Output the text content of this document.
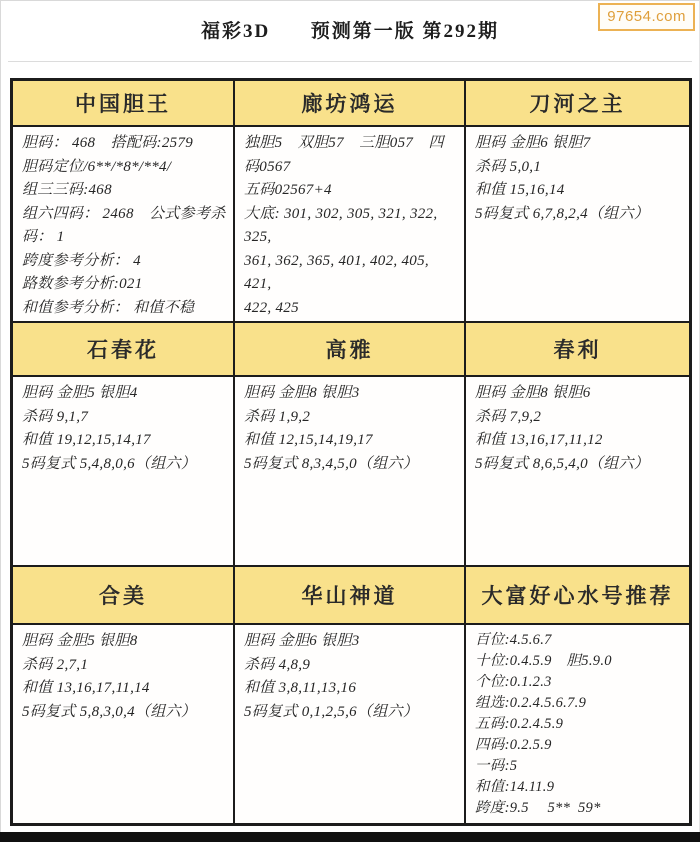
97654.com
福彩3D      预测第一版 第292期
中国胆王
胆码： 468　搭配码:2579
胆码定位/6**/*8*/**4/
组三三码:468
组六四码： 2468　公式参考杀码： 1
跨度参考分析： 4
路数参考分析:021
和值参考分析： 和值不稳
廊坊鸿运
独胆5　双胆57　三胆057　四码0567
五码02567+4
大底: 301, 302, 305, 321, 322, 325,
361, 362, 365, 401, 402, 405, 421,
422, 425
刀河之主
胆码 金胆6 银胆7
杀码 5,0,1
和值 15,16,14
5码复式 6,7,8,2,4（组六）
石春花
胆码 金胆5 银胆4
杀码 9,1,7
和值 19,12,15,14,17
5码复式 5,4,8,0,6（组六）
高雅
胆码 金胆8 银胆3
杀码 1,9,2
和值 12,15,14,19,17
5码复式 8,3,4,5,0（组六）
春利
胆码 金胆8 银胆6
杀码 7,9,2
和值 13,16,17,11,12
5码复式 8,6,5,4,0（组六）
合美
胆码 金胆5 银胆8
杀码 2,7,1
和值 13,16,17,11,14
5码复式 5,8,3,0,4（组六）
华山神道
胆码 金胆6 银胆3
杀码 4,8,9
和值 3,8,11,13,16
5码复式 0,1,2,5,6（组六）
大富好心水号推荐
百位:4.5.6.7
十位:0.4.5.9　胆5.9.0
个位:0.1.2.3
组选:0.2.4.5.6.7.9
五码:0.2.4.5.9
四码:0.2.5.9
一码:5
和值:14.11.9
跨度:9.5　 5**  59*
